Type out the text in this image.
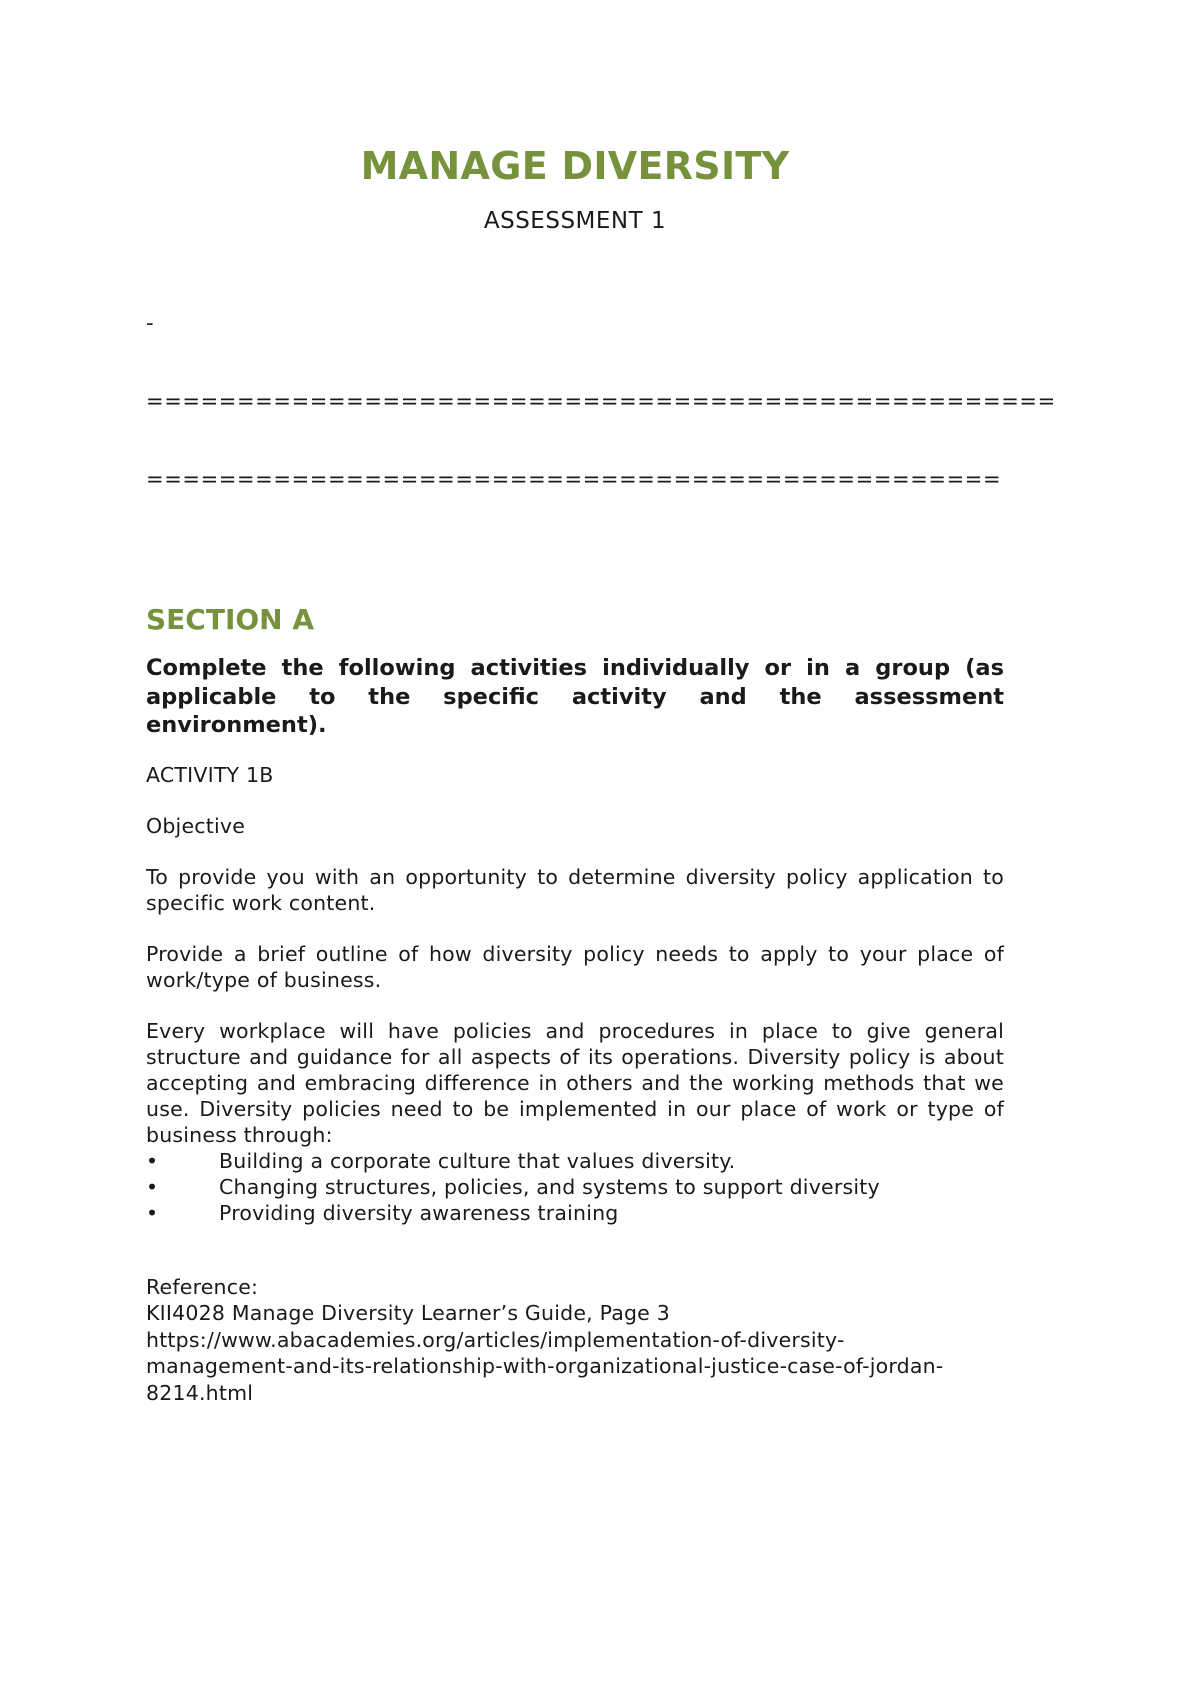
MANAGE DIVERSITY
ASSESSMENT 1

-

==================================================

===============================================

SECTION A

Complete the following activities individually or in a group (as applicable to the specific activity and the assessment environment).

ACTIVITY 1B

Objective

To provide you with an opportunity to determine diversity policy application to specific work content.

Provide a brief outline of how diversity policy needs to apply to your place of work/type of business.

Every workplace will have policies and procedures in place to give general structure and guidance for all aspects of its operations. Diversity policy is about accepting and embracing difference in others and the working methods that we use. Diversity policies need to be implemented in our place of work or type of business through:

•	Building a corporate culture that values diversity.
•	Changing structures, policies, and systems to support diversity
•	Providing diversity awareness training
Reference:
KII4028 Manage Diversity Learner’s Guide, Page 3
https://www.abacademies.org/articles/implementation-of-diversity-
management-and-its-relationship-with-organizational-justice-case-of-jordan-
8214.html
